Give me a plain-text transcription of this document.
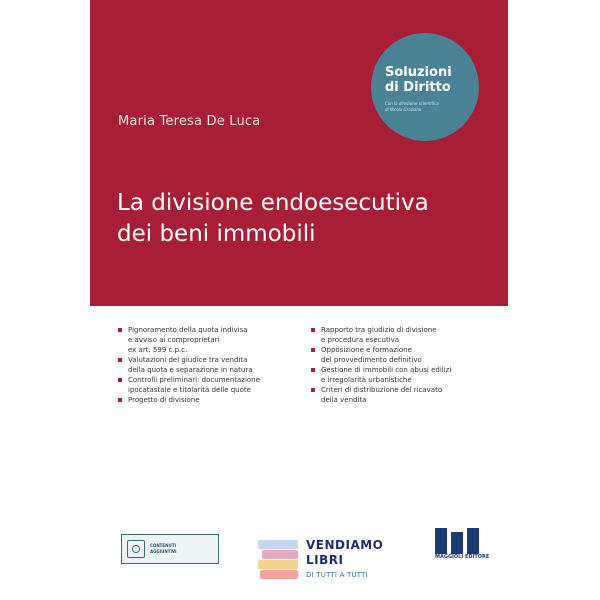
Maria Teresa De Luca
La divisione endoesecutiva
dei beni immobili
Soluzioni
di Diritto
Con la direzione scientifica
di Nicola Graziano
Pignoramento della quota indivisa
e avviso ai comproprietari
ex art. 599 c.p.c.
Valutazioni del giudice tra vendita
della quota e separazione in natura
Controlli preliminari: documentazione
ipocatastale e titolarità delle quote
Progetto di divisione
Rapporto tra giudizio di divisione
e procedura esecutiva
Opposizione e formazione
del provvedimento definitivo
Gestione di immobili con abusi edilizi
e irregolarità urbanistiche
Criteri di distribuzione del ricavato
della vendita
CONTENUTI
AGGIUNTIVI
MAGGIOLI EDITORE
VENDIAMO
LIBRI
DI TUTTI A TUTTI
